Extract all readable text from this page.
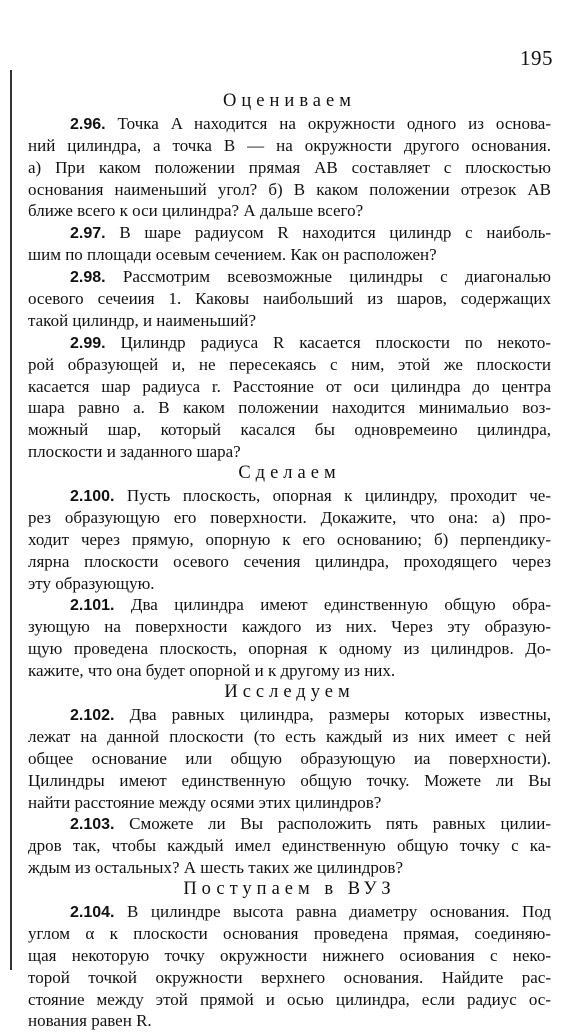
195
Оцениваем
2.96. Точка A находится на окружности одного из основа-
ний цилиндра, а точка B — на окружности другого основания.
а) При каком положении прямая AB составляет с плоскостью
основания наименьший угол? б) В каком положении отрезок AB
ближе всего к оси цилиндра? А дальше всего?
2.97. В шаре радиусом R находится цилиндр с наиболь-
шим по площади осевым сечением. Как он расположен?
2.98. Рассмотрим всевозможные цилиндры с диагональю
осевого сечеиия 1. Каковы наибольший из шаров, содержащих
такой цилиндр, и наименьший?
2.99. Цилиндр радиуса R касается плоскости по некото-
рой образующей и, не пересекаясь с ним, этой же плоскости
касается шар радиуса r. Расстояние от оси цилиндра до центра
шара равно a. В каком положении находится минимальио воз-
можный шар, который касался бы одновремеино цилиндра,
плоскости и заданного шара?
Сделаем
2.100. Пусть плоскость, опорная к цилиндру, проходит че-
рез образующую его поверхности. Докажите, что она: а) про-
ходит через прямую, опорную к его основанию; б) перпендику-
лярна плоскости осевого сечения цилиндра, проходящего через
эту образующую.
2.101. Два цилиндра имеют единственную общую обра-
зующую на поверхности каждого из них. Через эту образую-
щую проведена плоскость, опорная к одному из цилиндров. До-
кажите, что она будет опорной и к другому из них.
Исследуем
2.102. Два равных цилиндра, размеры которых известны,
лежат на данной плоскости (то есть каждый из них имеет с ней
общее основание или общую образующую иа поверхности).
Цилиндры имеют единственную общую точку. Можете ли Вы
найти расстояние между осями этих цилиндров?
2.103. Сможете ли Вы расположить пять равных цилии-
дров так, чтобы каждый имел единственную общую точку с ка-
ждым из остальных? А шесть таких же цилиндров?
Поступаем в ВУЗ
2.104. В цилиндре высота равна диаметру основания. Под
углом α к плоскости основания проведена прямая, соединяю-
щая некоторую точку окружности нижнего осиования с неко-
торой точкой окружности верхнего основания. Найдите рас-
стояние между этой прямой и осью цилиндра, если радиус ос-
нования равен R.
